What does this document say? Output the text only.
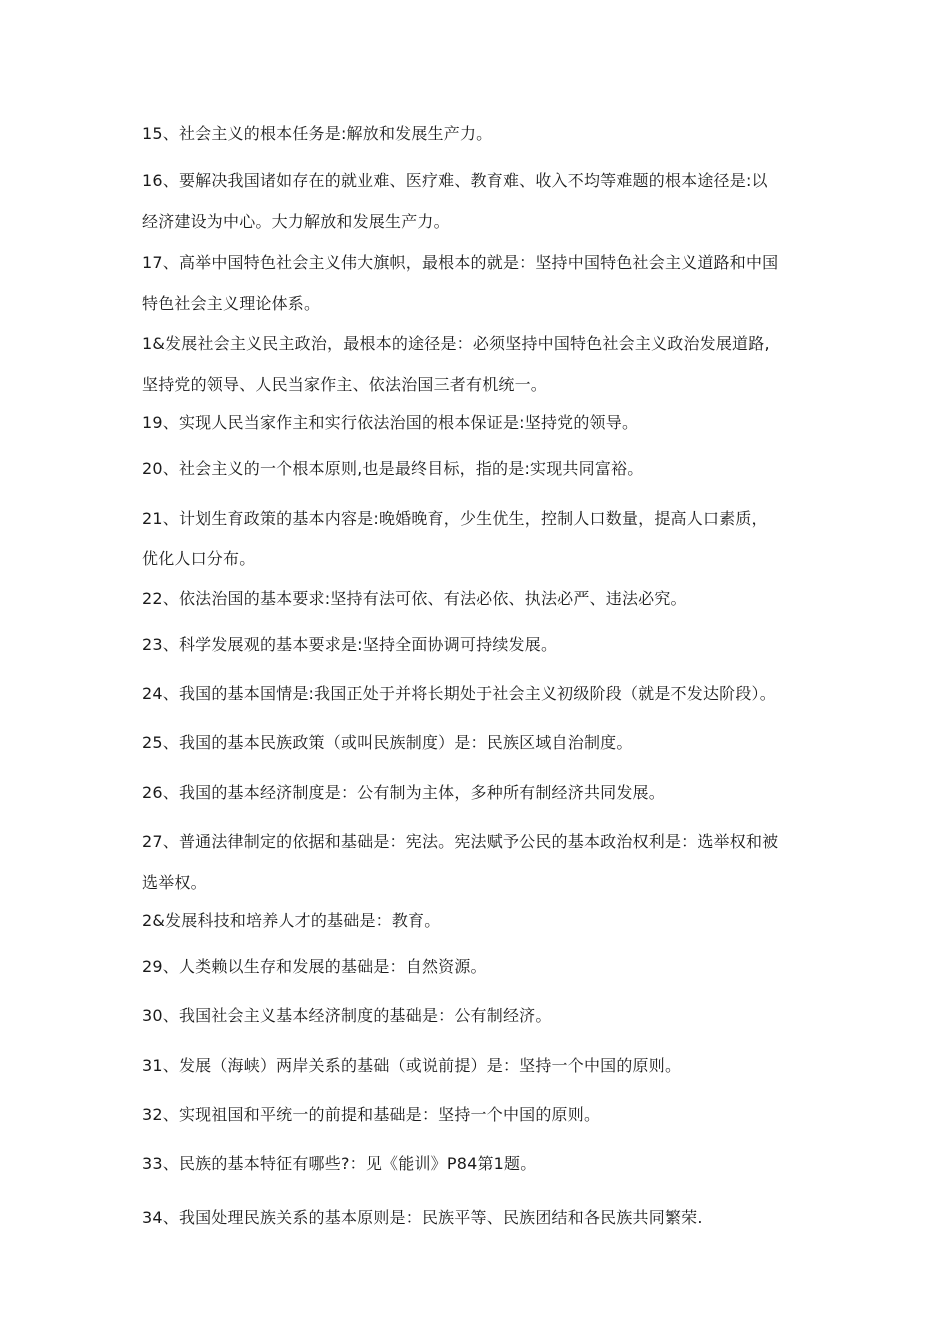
15、社会主义的根本任务是:解放和发展生产力。
16、要解决我国诸如存在的就业难、医疗难、教育难、收入不均等难题的根本途径是:以
经济建设为中心。大力解放和发展生产力。
17、高举中国特色社会主义伟大旗帜，最根本的就是：坚持中国特色社会主义道路和中国
特色社会主义理论体系。
1&发展社会主义民主政治，最根本的途径是：必须坚持中国特色社会主义政治发展道路,
坚持党的领导、人民当家作主、依法治国三者有机统一。
19、实现人民当家作主和实行依法治国的根本保证是:坚持党的领导。
20、社会主义的一个根本原则,也是最终目标，指的是:实现共同富裕。
21、计划生育政策的基本内容是:晚婚晚育，少生优生，控制人口数量，提高人口素质，
优化人口分布。
22、依法治国的基本要求:坚持有法可依、有法必依、执法必严、违法必究。
23、科学发展观的基本要求是:坚持全面协调可持续发展。
24、我国的基本国情是:我国正处于并将长期处于社会主义初级阶段（就是不发达阶段）。
25、我国的基本民族政策（或叫民族制度）是：民族区域自治制度。
26、我国的基本经济制度是：公有制为主体，多种所有制经济共同发展。
27、普通法律制定的依据和基础是：宪法。宪法赋予公民的基本政治权利是：选举权和被
选举权。
2&发展科技和培养人才的基础是：教育。
29、人类赖以生存和发展的基础是：自然资源。
30、我国社会主义基本经济制度的基础是：公有制经济。
31、发展（海峡）两岸关系的基础（或说前提）是：坚持一个中国的原则。
32、实现祖国和平统一的前提和基础是：坚持一个中国的原则。
33、民族的基本特征有哪些?：见《能训》P84第1题。
34、我国处理民族关系的基本原则是：民族平等、民族团结和各民族共同繁荣.
